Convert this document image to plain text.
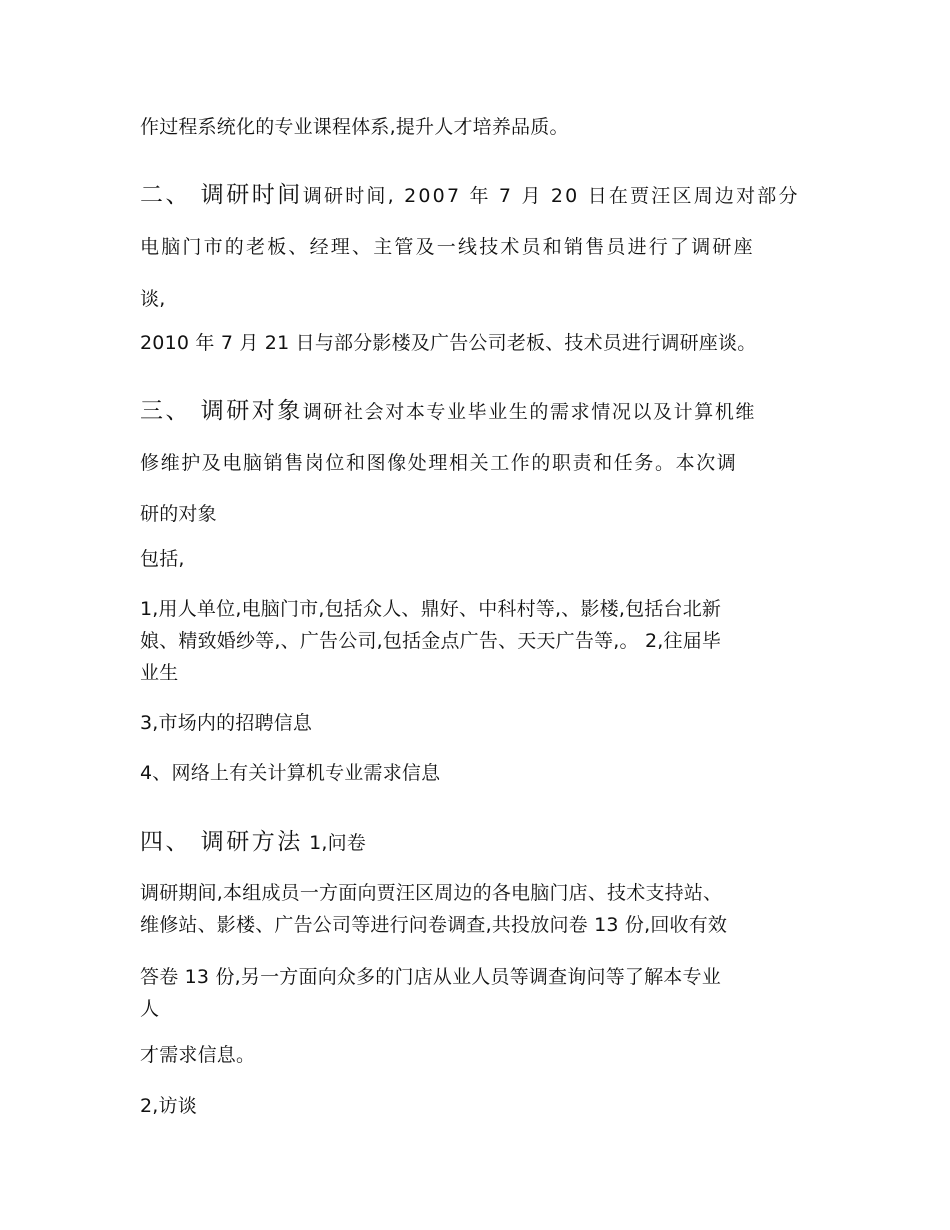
作过程系统化的专业课程体系,提升人才培养品质。
二、 调研时间调研时间, 2007 年 7 月 20 日在贾汪区周边对部分
电脑门市的老板、经理、主管及一线技术员和销售员进行了调研座
谈,
2010 年 7 月 21 日与部分影楼及广告公司老板、技术员进行调研座谈。
三、 调研对象调研社会对本专业毕业生的需求情况以及计算机维
修维护及电脑销售岗位和图像处理相关工作的职责和任务。本次调
研的对象
包括,
1,用人单位,电脑门市,包括众人、鼎好、中科村等,、影楼,包括台北新
娘、精致婚纱等,、广告公司,包括金点广告、天天广告等,。 2,往届毕
业生
3,市场内的招聘信息
4、网络上有关计算机专业需求信息
四、 调研方法 1,问卷
调研期间,本组成员一方面向贾汪区周边的各电脑门店、技术支持站、
维修站、影楼、广告公司等进行问卷调查,共投放问卷 13 份,回收有效
答卷 13 份,另一方面向众多的门店从业人员等调查询问等了解本专业
人
才需求信息。
2,访谈
